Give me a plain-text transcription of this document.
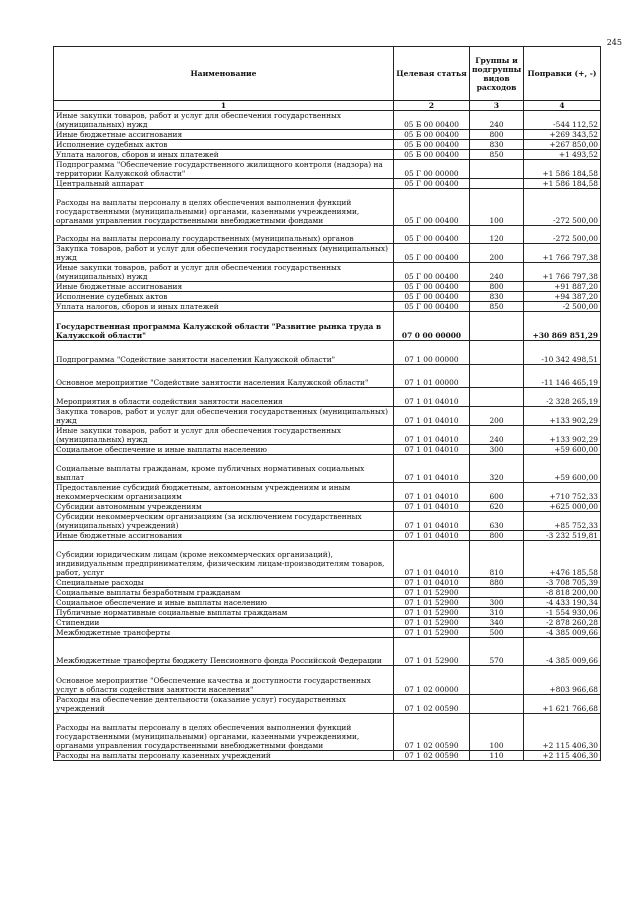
245
Наименование	Целевая статья	Группы и подгруппы видов расходов	Поправки (+, -)
1	2	3	4
Иные закупки товаров, работ и услуг для обеспечения государственных (муниципальных) нужд	05 Б 00 00400	240	-544 112,52
Иные бюджетные ассигнования	05 Б 00 00400	800	+269 343,52
Исполнение судебных актов	05 Б 00 00400	830	+267 850,00
Уплата налогов, сборов и иных платежей	05 Б 00 00400	850	+1 493,52
Подпрограмма "Обеспечение государственного жилищного контроля (надзора) на территории Калужской области"	05 Г 00 00000		+1 586 184,58
Центральный аппарат	05 Г 00 00400		+1 586 184,58
Расходы на выплаты персоналу в целях обеспечения выполнения функций государственными (муниципальными) органами, казенными учреждениями, органами управления государственными внебюджетными фондами	05 Г 00 00400	100	-272 500,00
Расходы на выплаты персоналу государственных (муниципальных) органов	05 Г 00 00400	120	-272 500,00
Закупка товаров, работ и услуг для обеспечения государственных (муниципальных) нужд	05 Г 00 00400	200	+1 766 797,38
Иные закупки товаров, работ и услуг для обеспечения государственных (муниципальных) нужд	05 Г 00 00400	240	+1 766 797,38
Иные бюджетные ассигнования	05 Г 00 00400	800	+91 887,20
Исполнение судебных актов	05 Г 00 00400	830	+94 387,20
Уплата налогов, сборов и иных платежей	05 Г 00 00400	850	-2 500,00
Государственная программа Калужской области "Развитие рынка труда в Калужской области"	07 0 00 00000		+30 869 851,29
Подпрограмма "Содействие занятости населения Калужской области"	07 1 00 00000		-10 342 498,51
Основное мероприятие "Содействие занятости населения Калужской области"	07 1 01 00000		-11 146 465,19
Мероприятия в области содействия занятости населения	07 1 01 04010		-2 328 265,19
Закупка товаров, работ и услуг для обеспечения государственных (муниципальных) нужд	07 1 01 04010	200	+133 902,29
Иные закупки товаров, работ и услуг для обеспечения государственных (муниципальных) нужд	07 1 01 04010	240	+133 902,29
Социальное обеспечение и иные выплаты населению	07 1 01 04010	300	+59 600,00
Социальные выплаты гражданам, кроме публичных нормативных социальных выплат	07 1 01 04010	320	+59 600,00
Предоставление субсидий бюджетным, автономным учреждениям и иным некоммерческим организациям	07 1 01 04010	600	+710 752,33
Субсидии автономным учреждениям	07 1 01 04010	620	+625 000,00
Субсидии некоммерческим организациям (за исключением государственных (муниципальных) учреждений)	07 1 01 04010	630	+85 752,33
Иные бюджетные ассигнования	07 1 01 04010	800	-3 232 519,81
Субсидии юридическим лицам (кроме некоммерческих организаций), индивидуальным предпринимателям, физическим лицам-производителям товаров, работ, услуг	07 1 01 04010	810	+476 185,58
Специальные расходы	07 1 01 04010	880	-3 708 705,39
Социальные выплаты безработным гражданам	07 1 01 52900		-8 818 200,00
Социальное обеспечение и иные выплаты населению	07 1 01 52900	300	-4 433 190,34
Публичные нормативные социальные выплаты гражданам	07 1 01 52900	310	-1 554 930,06
Стипендии	07 1 01 52900	340	-2 878 260,28
Межбюджетные трансферты	07 1 01 52900	500	-4 385 009,66
Межбюджетные трансферты бюджету Пенсионного фонда Российской Федерации	07 1 01 52900	570	-4 385 009,66
Основное мероприятие "Обеспечение качества и доступности государственных услуг в области содействия занятости населения"	07 1 02 00000		+803 966,68
Расходы на обеспечение деятельности (оказание услуг) государственных учреждений	07 1 02 00590		+1 621 766,68
Расходы на выплаты персоналу в целях обеспечения выполнения функций государственными (муниципальными) органами, казенными учреждениями, органами управления государственными внебюджетными фондами	07 1 02 00590	100	+2 115 406,30
Расходы на выплаты персоналу казенных учреждений	07 1 02 00590	110	+2 115 406,30
